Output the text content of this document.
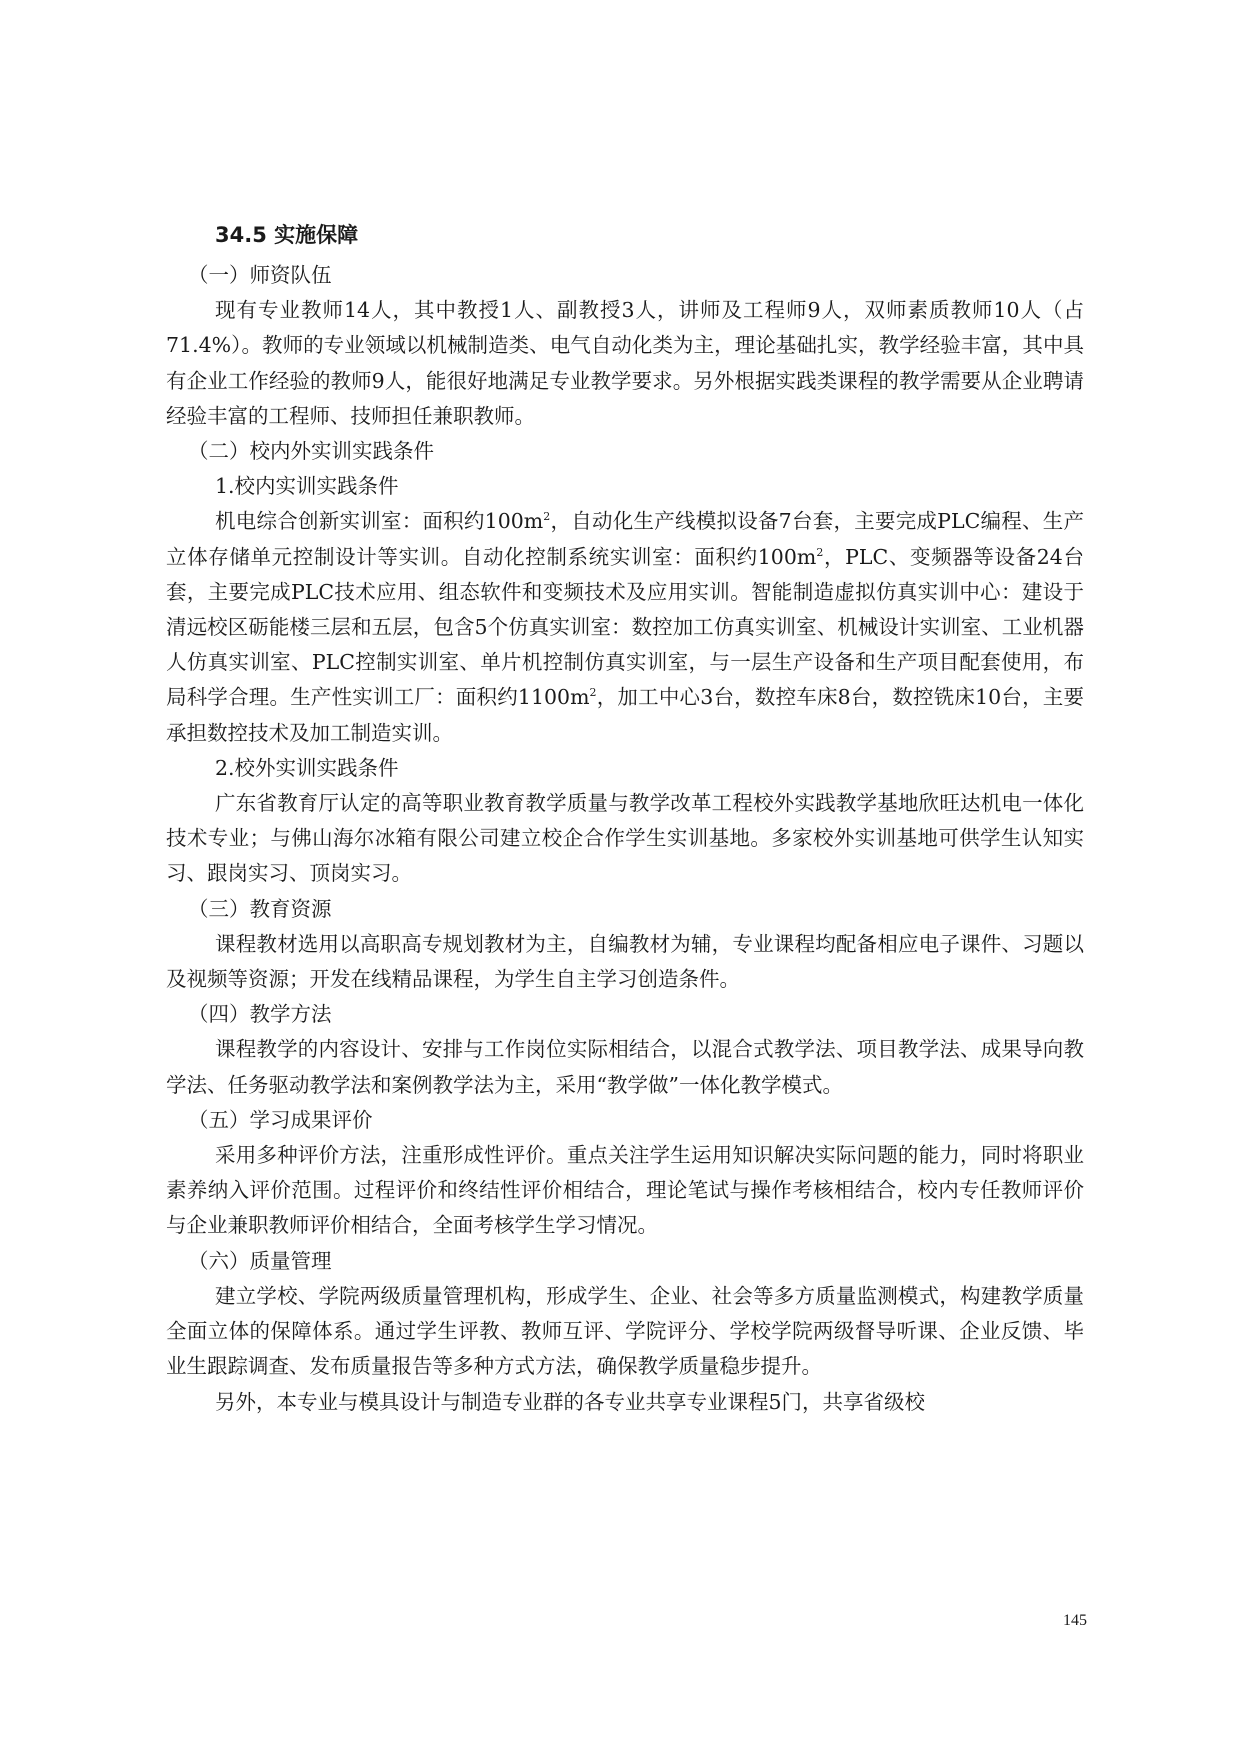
34.5 实施保障

（一）师资队伍

现有专业教师14人，其中教授1人、副教授3人，讲师及工程师9人，双师素质教师10人（占71.4%）。教师的专业领域以机械制造类、电气自动化类为主，理论基础扎实，教学经验丰富，其中具有企业工作经验的教师9人，能很好地满足专业教学要求。另外根据实践类课程的教学需要从企业聘请经验丰富的工程师、技师担任兼职教师。

（二）校内外实训实践条件

1.校内实训实践条件

机电综合创新实训室：面积约$100m^2$，自动化生产线模拟设备7台套，主要完成PLC编程、生产立体存储单元控制设计等实训。自动化控制系统实训室：面积约$100m^2$，PLC、变频器等设备24台套，主要完成PLC技术应用、组态软件和变频技术及应用实训。智能制造虚拟仿真实训中心：建设于清远校区砺能楼三层和五层，包含5个仿真实训室：数控加工仿真实训室、机械设计实训室、工业机器人仿真实训室、PLC控制实训室、单片机控制仿真实训室，与一层生产设备和生产项目配套使用，布局科学合理。生产性实训工厂：面积约$1100m^2$，加工中心3台，数控车床8台，数控铣床10台，主要承担数控技术及加工制造实训。

2.校外实训实践条件

广东省教育厅认定的高等职业教育教学质量与教学改革工程校外实践教学基地欣旺达机电一体化技术专业；与佛山海尔冰箱有限公司建立校企合作学生实训基地。多家校外实训基地可供学生认知实习、跟岗实习、顶岗实习。

（三）教育资源

课程教材选用以高职高专规划教材为主，自编教材为辅，专业课程均配备相应电子课件、习题以及视频等资源；开发在线精品课程，为学生自主学习创造条件。

（四）教学方法

课程教学的内容设计、安排与工作岗位实际相结合，以混合式教学法、项目教学法、成果导向教学法、任务驱动教学法和案例教学法为主，采用“教学做”一体化教学模式。

（五）学习成果评价

采用多种评价方法，注重形成性评价。重点关注学生运用知识解决实际问题的能力，同时将职业素养纳入评价范围。过程评价和终结性评价相结合，理论笔试与操作考核相结合，校内专任教师评价与企业兼职教师评价相结合，全面考核学生学习情况。

（六）质量管理

建立学校、学院两级质量管理机构，形成学生、企业、社会等多方质量监测模式，构建教学质量全面立体的保障体系。通过学生评教、教师互评、学院评分、学校学院两级督导听课、企业反馈、毕业生跟踪调查、发布质量报告等多种方式方法，确保教学质量稳步提升。

另外，本专业与模具设计与制造专业群的各专业共享专业课程5门，共享省级校

145
